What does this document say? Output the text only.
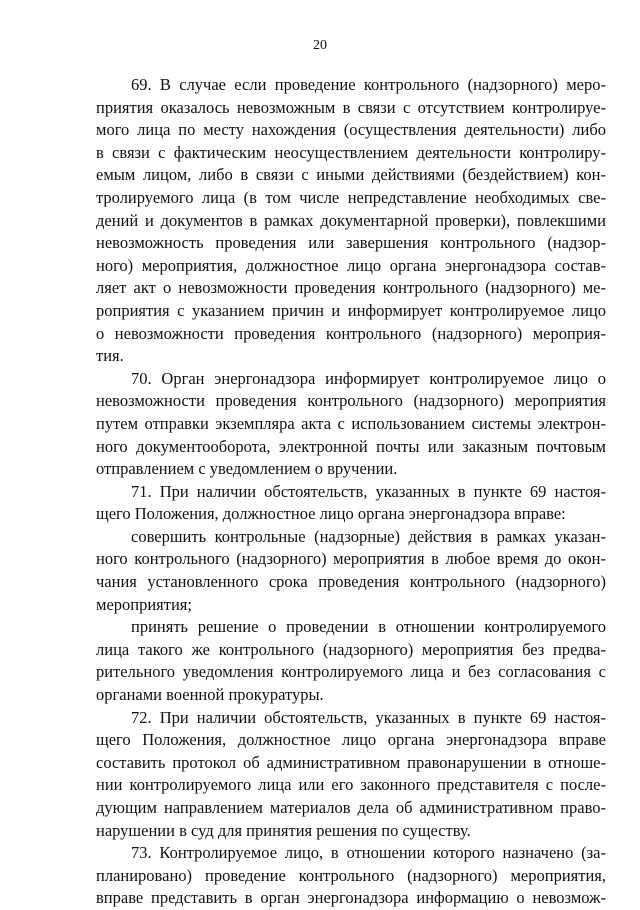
20
69. В случае если проведение контрольного (надзорного) меро-
приятия оказалось невозможным в связи с отсутствием контролируе-
мого лица по месту нахождения (осуществления деятельности) либо
в связи с фактическим неосуществлением деятельности контролиру-
емым лицом, либо в связи с иными действиями (бездействием) кон-
тролируемого лица (в том числе непредставление необходимых све-
дений и документов в рамках документарной проверки), повлекшими
невозможность проведения или завершения контрольного (надзор-
ного) мероприятия, должностное лицо органа энергонадзора состав-
ляет акт о невозможности проведения контрольного (надзорного) ме-
роприятия с указанием причин и информирует контролируемое лицо
о невозможности проведения контрольного (надзорного) мероприя-
тия.
70. Орган энергонадзора информирует контролируемое лицо о
невозможности проведения контрольного (надзорного) мероприятия
путем отправки экземпляра акта с использованием системы электрон-
ного документооборота, электронной почты или заказным почтовым
отправлением с уведомлением о вручении.
71. При наличии обстоятельств, указанных в пункте 69 настоя-
щего Положения, должностное лицо органа энергонадзора вправе:
совершить контрольные (надзорные) действия в рамках указан-
ного контрольного (надзорного) мероприятия в любое время до окон-
чания установленного срока проведения контрольного (надзорного)
мероприятия;
принять решение о проведении в отношении контролируемого
лица такого же контрольного (надзорного) мероприятия без предва-
рительного уведомления контролируемого лица и без согласования с
органами военной прокуратуры.
72. При наличии обстоятельств, указанных в пункте 69 настоя-
щего Положения, должностное лицо органа энергонадзора вправе
составить протокол об административном правонарушении в отноше-
нии контролируемого лица или его законного представителя с после-
дующим направлением материалов дела об административном право-
нарушении в суд для принятия решения по существу.
73. Контролируемое лицо, в отношении которого назначено (за-
планировано) проведение контрольного (надзорного) мероприятия,
вправе представить в орган энергонадзора информацию о невозмож-
